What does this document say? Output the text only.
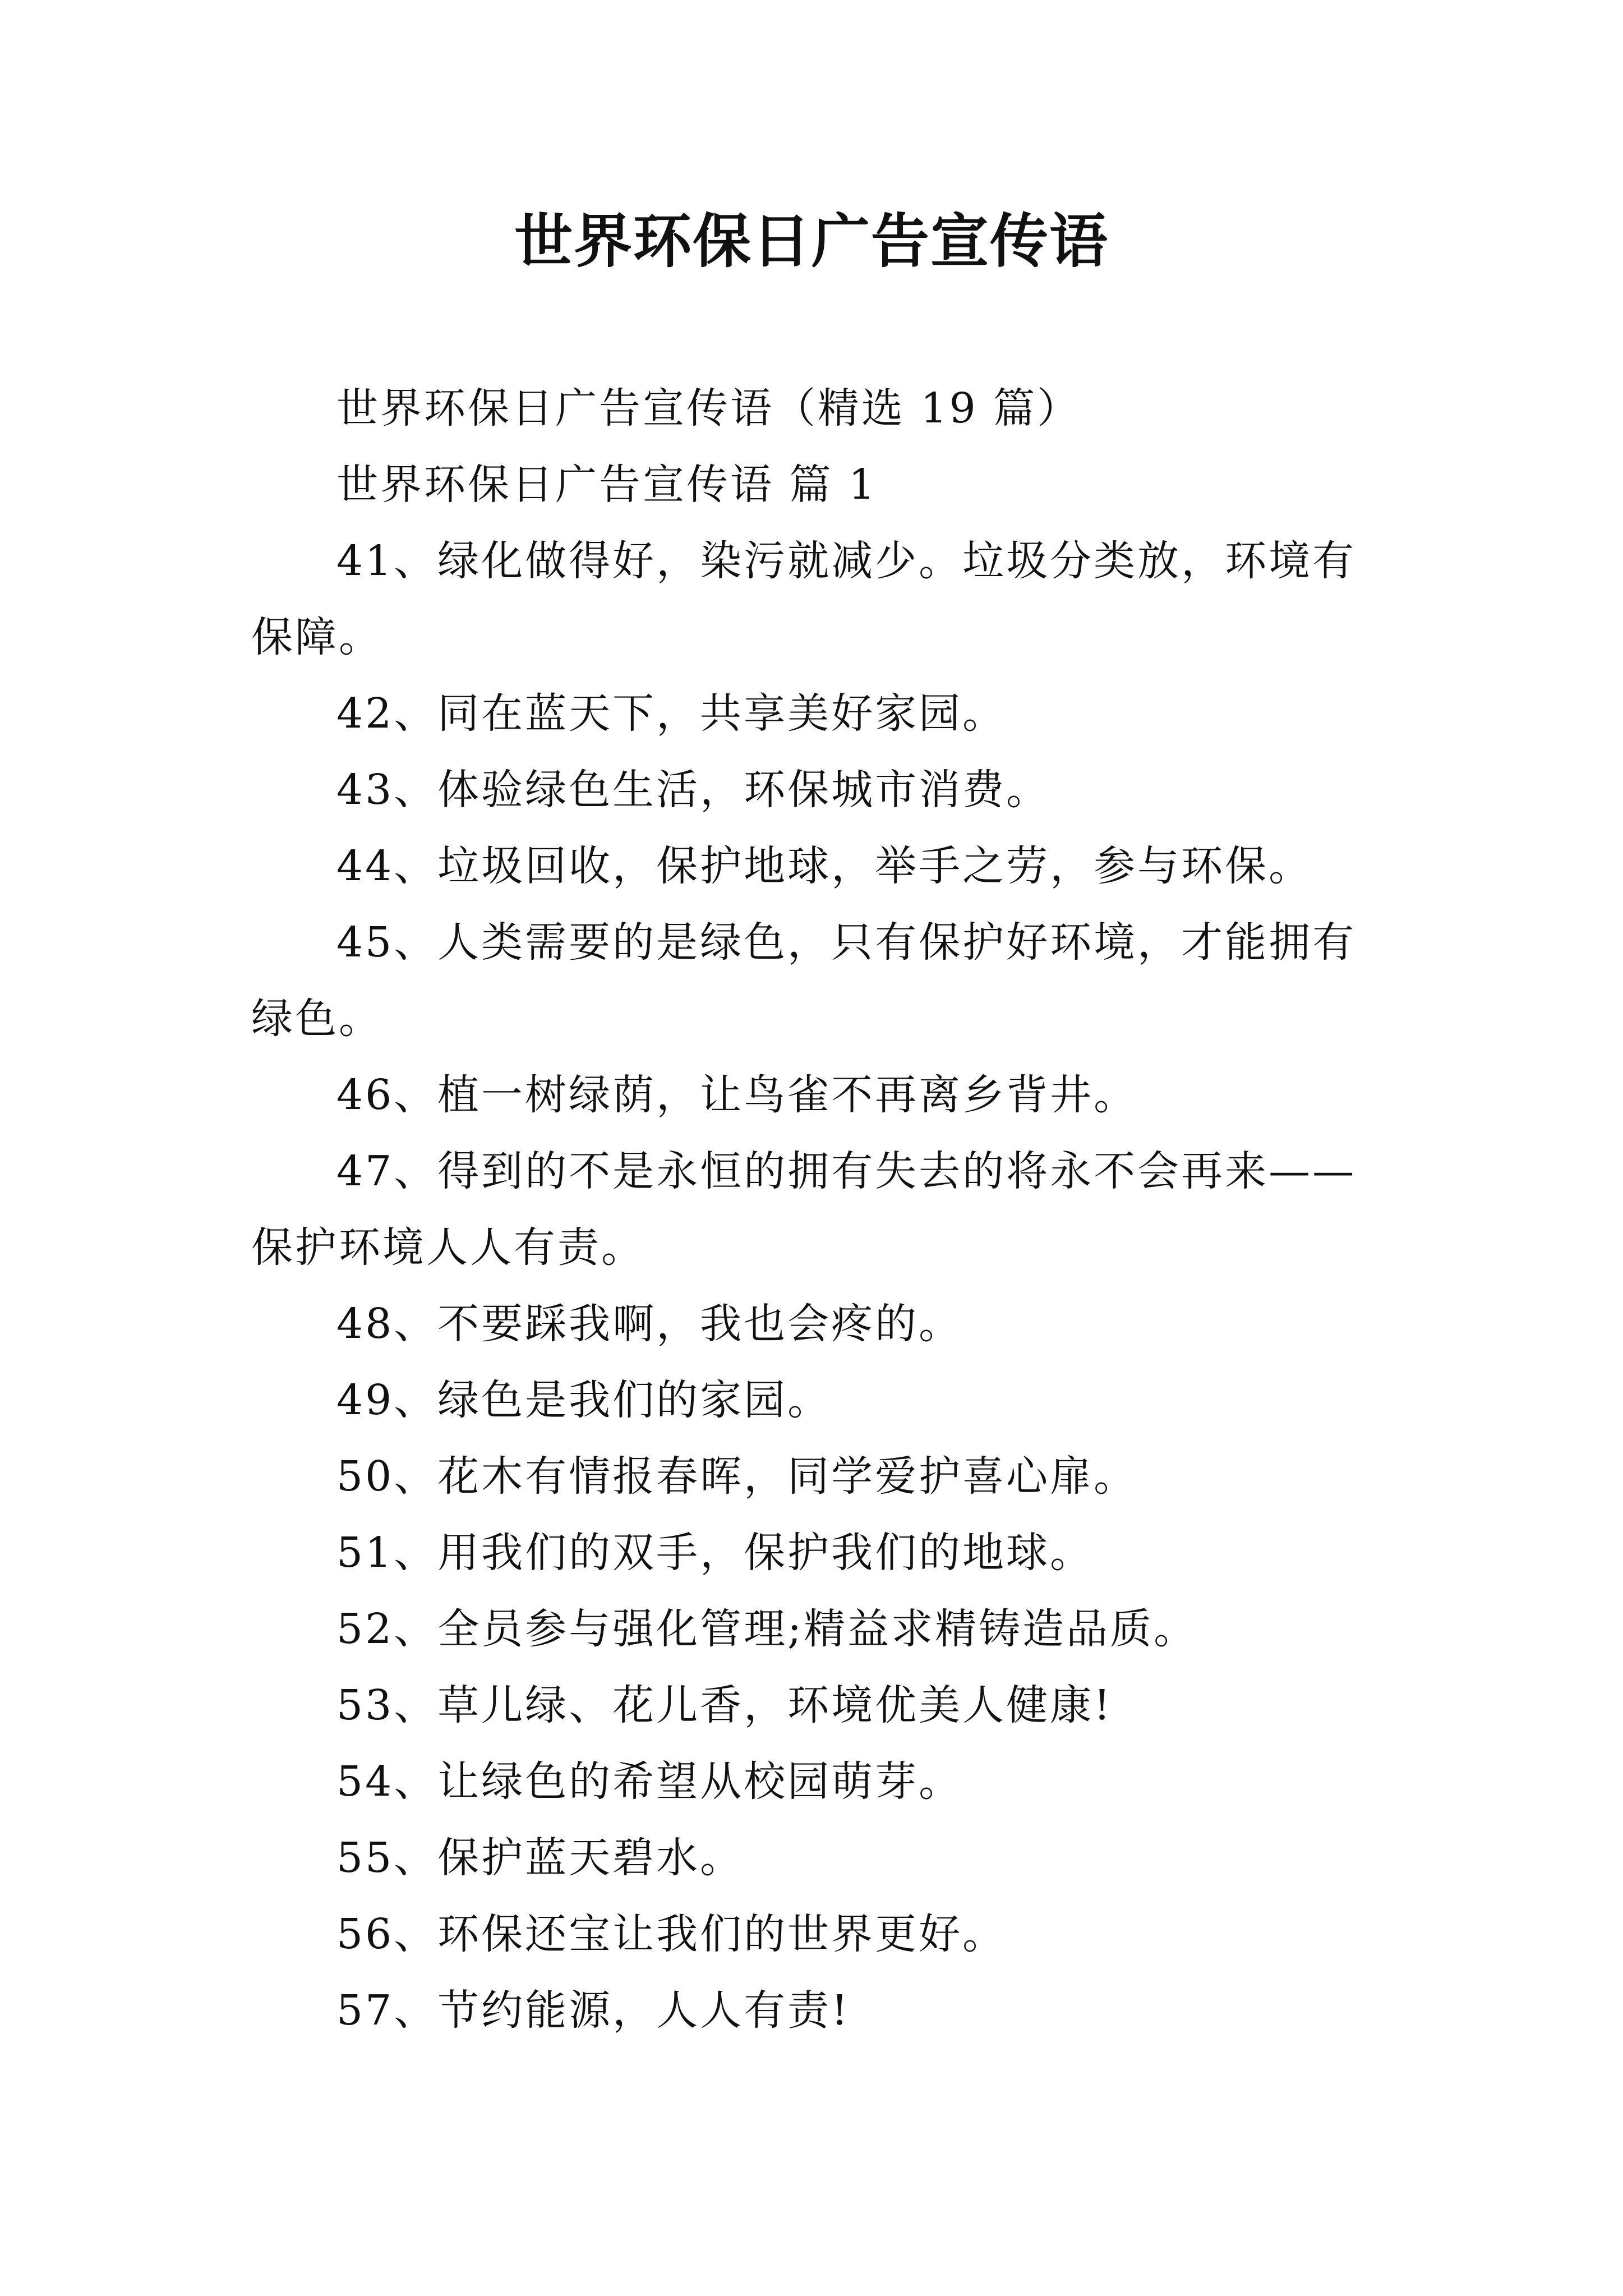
世界环保日广告宣传语

世界环保日广告宣传语（精选 19 篇）

世界环保日广告宣传语 篇 1

41、绿化做得好，染污就减少。垃圾分类放，环境有保障。

42、同在蓝天下，共享美好家园。

43、体验绿色生活，环保城市消费。

44、垃圾回收，保护地球，举手之劳，参与环保。

45、人类需要的是绿色，只有保护好环境，才能拥有绿色。

46、植一树绿荫，让鸟雀不再离乡背井。

47、得到的不是永恒的拥有失去的将永不会再来——保护环境人人有责。

48、不要踩我啊，我也会疼的。

49、绿色是我们的家园。

50、花木有情报春晖，同学爱护喜心扉。

51、用我们的双手，保护我们的地球。

52、全员参与强化管理;精益求精铸造品质。

53、草儿绿、花儿香，环境优美人健康!

54、让绿色的希望从校园萌芽。

55、保护蓝天碧水。

56、环保还宝让我们的世界更好。

57、节约能源，人人有责!
